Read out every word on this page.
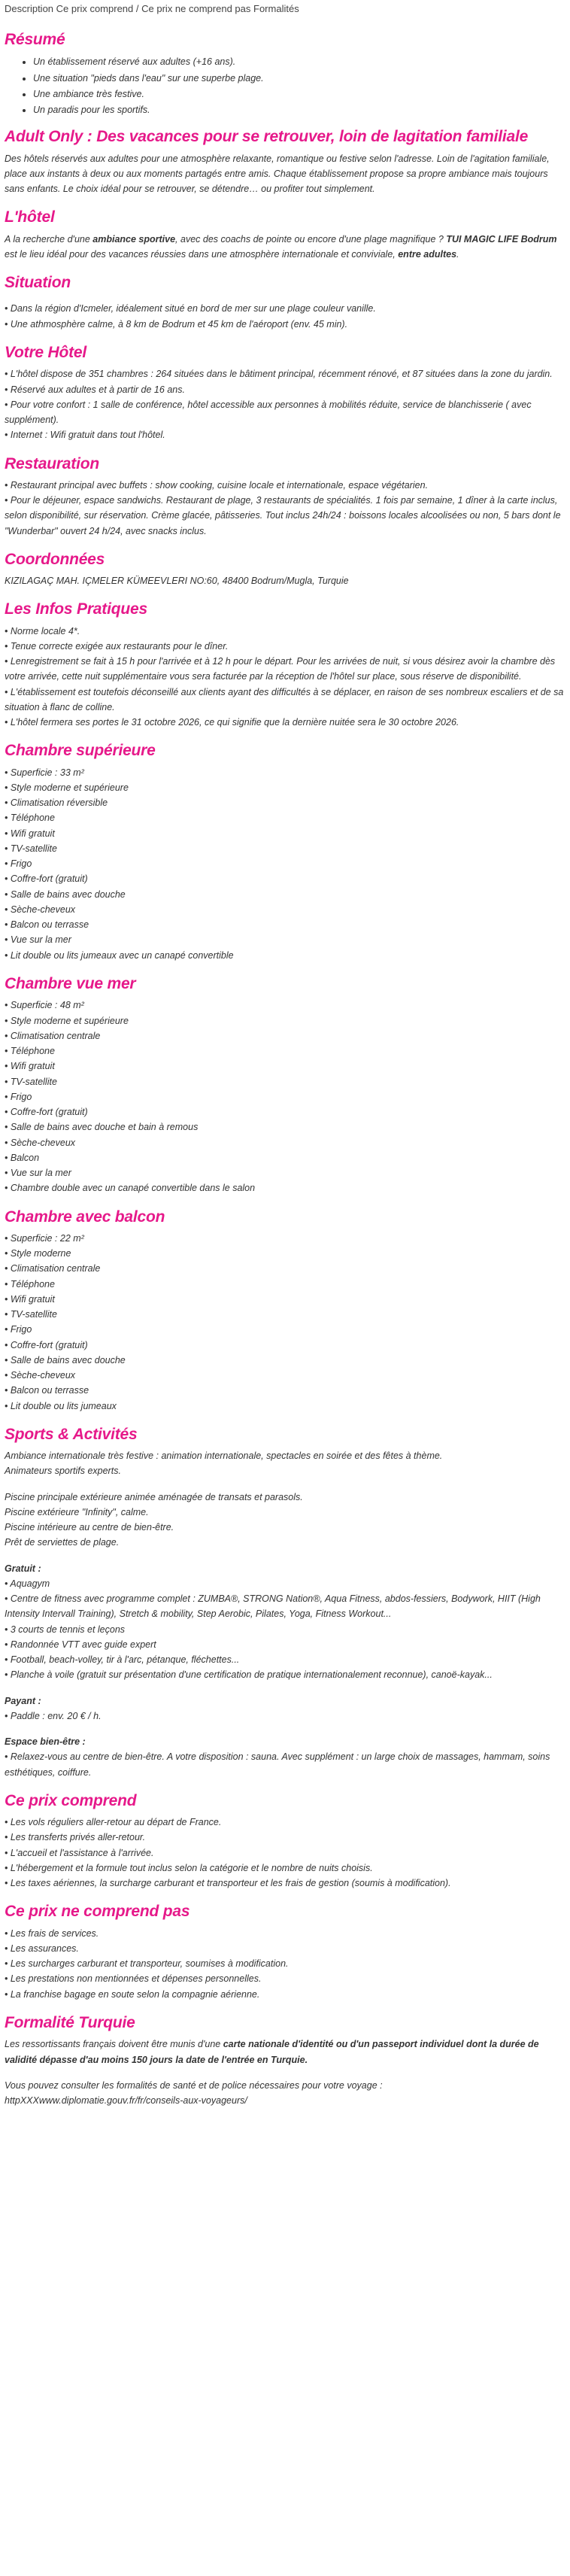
Description Ce prix comprend / Ce prix ne comprend pas Formalités
Résumé
• Un établissement réservé aux adultes (+16 ans).
• Une situation "pieds dans l'eau" sur une superbe plage.
• Une ambiance très festive.
• Un paradis pour les sportifs.
Adult Only : Des vacances pour se retrouver, loin de lagitation familiale

Des hôtels réservés aux adultes pour une atmosphère relaxante, romantique ou festive selon l'adresse. Loin de l'agitation familiale, place aux instants à deux ou aux moments partagés entre amis. Chaque établissement propose sa propre ambiance mais toujours sans enfants. Le choix idéal pour se retrouver, se détendre… ou profiter tout simplement.

L'hôtel

A la recherche d'une ambiance sportive, avec des coachs de pointe ou encore d'une plage magnifique ? TUI MAGIC LIFE Bodrum est le lieu idéal pour des vacances réussies dans une atmosphère internationale et conviviale, entre adultes.

Situation

• Dans la région d'Icmeler, idéalement situé en bord de mer sur une plage couleur vanille.

• Une athmosphère calme, à 8 km de Bodrum et 45 km de l'aéroport (env. 45 min).

Votre Hôtel

• L'hôtel dispose de 351 chambres : 264 situées dans le bâtiment principal, récemment rénové, et 87 situées dans la zone du jardin.

• Réservé aux adultes et à partir de 16 ans.

• Pour votre confort : 1 salle de conférence, hôtel accessible aux personnes à mobilités réduite, service de blanchisserie ( avec supplément).

• Internet : Wifi gratuit dans tout l'hôtel.

Restauration

• Restaurant principal avec buffets : show cooking, cuisine locale et internationale, espace végétarien.

• Pour le déjeuner, espace sandwichs. Restaurant de plage, 3 restaurants de spécialités. 1 fois par semaine, 1 dîner à la carte inclus, selon disponibilité, sur réservation. Crème glacée, pâtisseries. Tout inclus 24h/24 : boissons locales alcoolisées ou non, 5 bars dont le "Wunderbar" ouvert 24 h/24, avec snacks inclus.

Coordonnées

KIZILAGAÇ MAH. IÇMELER KÜMEEVLERI NO:60, 48400 Bodrum/Mugla, Turquie

Les Infos Pratiques

• Norme locale 4*.

• Tenue correcte exigée aux restaurants pour le dîner.

• Lenregistrement se fait à 15 h pour l'arrivée et à 12 h pour le départ. Pour les arrivées de nuit, si vous désirez avoir la chambre dès votre arrivée, cette nuit supplémentaire vous sera facturée par la réception de l'hôtel sur place, sous réserve de disponibilité.

• L'établissement est toutefois déconseillé aux clients ayant des difficultés à se déplacer, en raison de ses nombreux escaliers et de sa situation à flanc de colline.

• L'hôtel fermera ses portes le 31 octobre 2026, ce qui signifie que la dernière nuitée sera le 30 octobre 2026.

Chambre supérieure

• Superficie : 33 m²

• Style moderne et supérieure

• Climatisation réversible

• Téléphone

• Wifi gratuit

• TV-satellite

• Frigo

• Coffre-fort (gratuit)

• Salle de bains avec douche

• Sèche-cheveux

• Balcon ou terrasse

• Vue sur la mer

• Lit double ou lits jumeaux avec un canapé convertible

Chambre vue mer

• Superficie : 48 m²

• Style moderne et supérieure

• Climatisation centrale

• Téléphone

• Wifi gratuit

• TV-satellite

• Frigo

• Coffre-fort (gratuit)

• Salle de bains avec douche et bain à remous

• Sèche-cheveux

• Balcon

• Vue sur la mer

• Chambre double avec un canapé convertible dans le salon

Chambre avec balcon

• Superficie : 22 m²

• Style moderne

• Climatisation centrale

• Téléphone

• Wifi gratuit

• TV-satellite

• Frigo

• Coffre-fort (gratuit)

• Salle de bains avec douche

• Sèche-cheveux

• Balcon ou terrasse

• Lit double ou lits jumeaux

Sports & Activités

Ambiance internationale très festive : animation internationale, spectacles en soirée et des fêtes à thème.

Animateurs sportifs experts.

Piscine principale extérieure animée aménagée de transats et parasols.

Piscine extérieure "Infinity", calme.

Piscine intérieure au centre de bien-être.

Prêt de serviettes de plage.

Gratuit :

• Aquagym

• Centre de fitness avec programme complet : ZUMBA®, STRONG Nation®, Aqua Fitness, abdos-fessiers, Bodywork, HIIT (High Intensity Intervall Training), Stretch & mobility, Step Aerobic, Pilates, Yoga, Fitness Workout...

• 3 courts de tennis et leçons

• Randonnée VTT avec guide expert

• Football, beach-volley, tir à l'arc, pétanque, fléchettes...

• Planche à voile (gratuit sur présentation d'une certification de pratique internationalement reconnue), canoë-kayak...

Payant :

• Paddle : env. 20 € / h.

Espace bien-être :

• Relaxez-vous au centre de bien-être. A votre disposition : sauna. Avec supplément : un large choix de massages, hammam, soins esthétiques, coiffure.

Ce prix comprend

• Les vols réguliers aller-retour au départ de France.

• Les transferts privés aller-retour.

• L'accueil et l'assistance à l'arrivée.

• L'hébergement et la formule tout inclus selon la catégorie et le nombre de nuits choisis.

• Les taxes aériennes, la surcharge carburant et transporteur et les frais de gestion (soumis à modification).

Ce prix ne comprend pas

• Les frais de services.

• Les assurances.

• Les surcharges carburant et transporteur, soumises à modification.

• Les prestations non mentionnées et dépenses personnelles.

• La franchise bagage en soute selon la compagnie aérienne.

Formalité Turquie

Les ressortissants français doivent être munis d'une carte nationale d'identité ou d'un passeport individuel dont la durée de validité dépasse d'au moins 150 jours la date de l'entrée en Turquie.

Vous pouvez consulter les formalités de santé et de police nécessaires pour votre voyage :

httpXXXwww.diplomatie.gouv.fr/fr/conseils-aux-voyageurs/
